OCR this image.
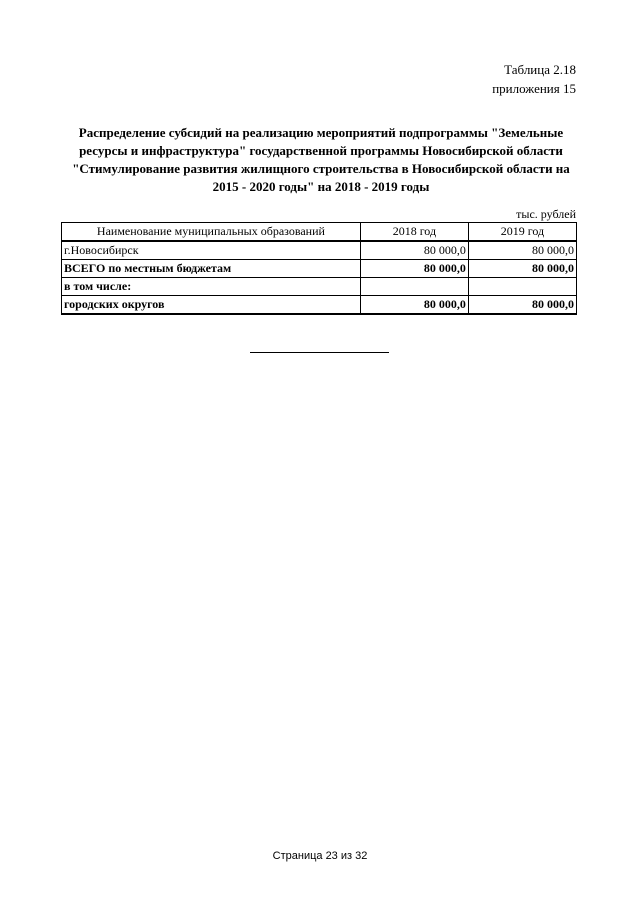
Таблица 2.18
приложения 15
Распределение субсидий на реализацию мероприятий подпрограммы "Земельные
ресурсы и инфраструктура" государственной программы Новосибирской области
"Стимулирование развития жилищного строительства в Новосибирской области на
2015 - 2020 годы" на 2018 - 2019 годы
тыс. рублей
Наименование муниципальных образований	2018 год	2019 год
г.Новосибирск	80 000,0	80 000,0
ВСЕГО по местным бюджетам	80 000,0	80 000,0
в том числе:		
городских округов	80 000,0	80 000,0
Страница 23 из 32
